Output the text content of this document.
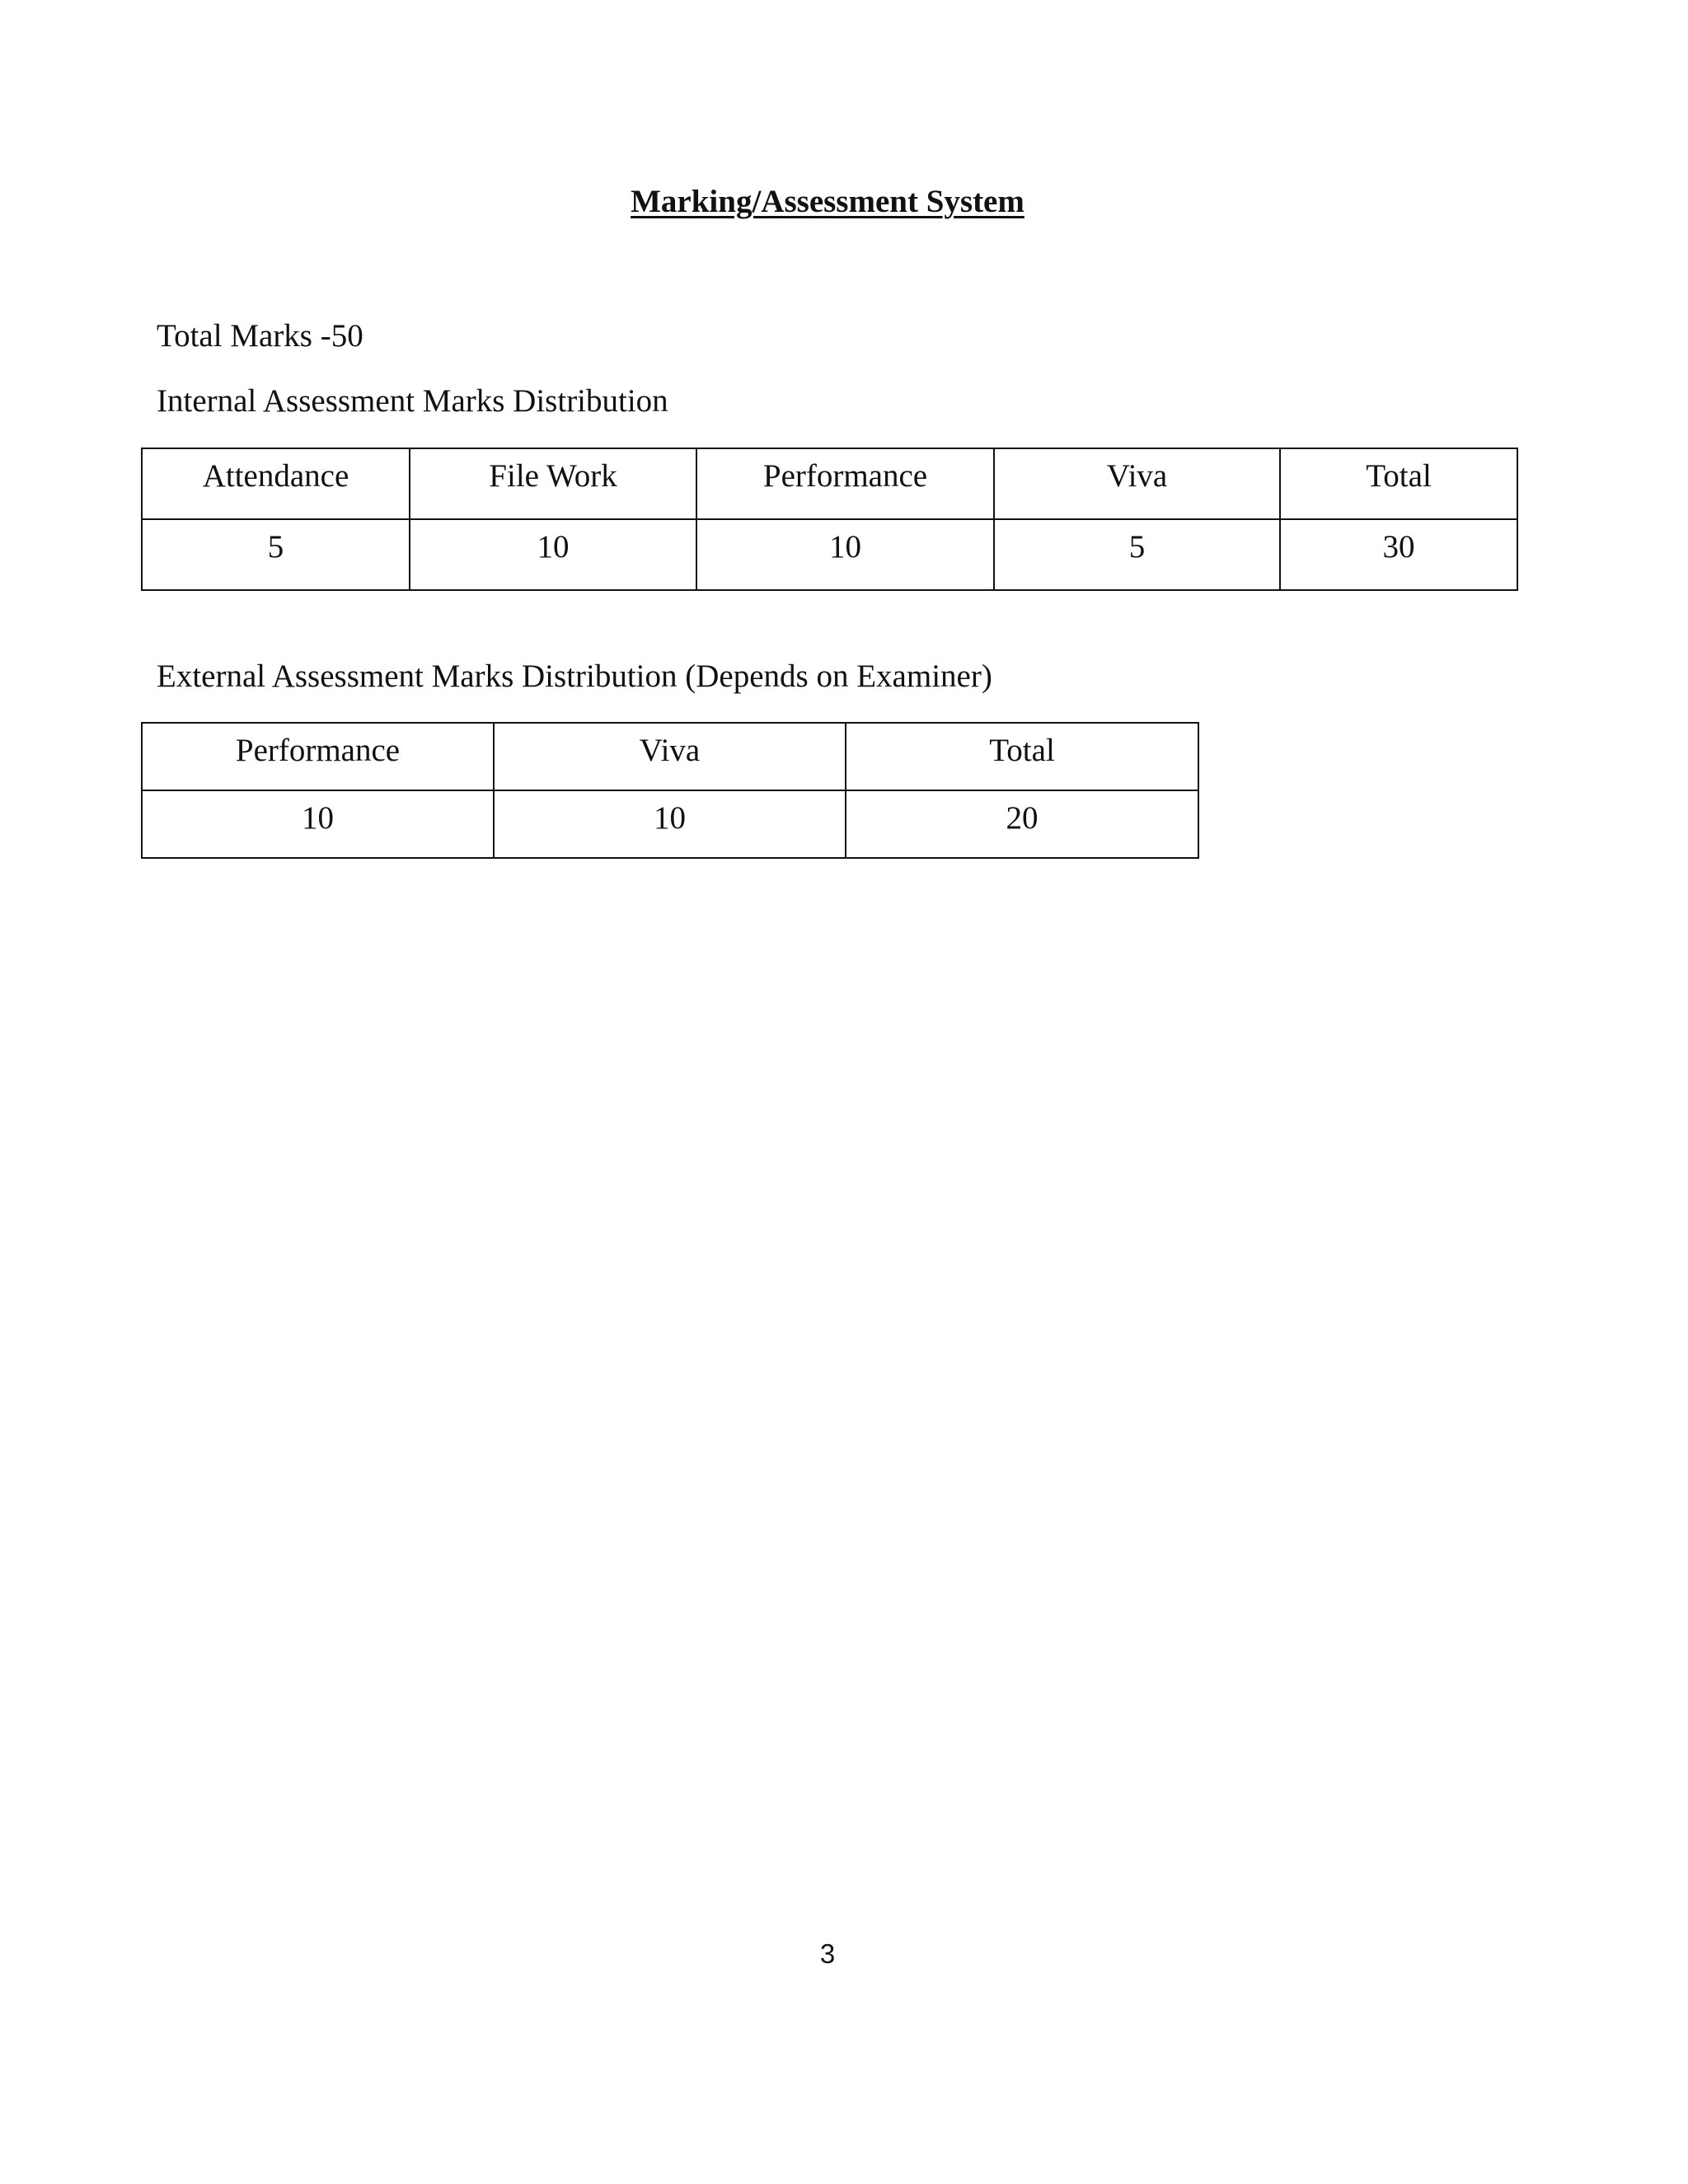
Marking/Assessment System
Total Marks -50
Internal Assessment Marks Distribution
Attendance	File Work	Performance	Viva	Total
5	10	10	5	30
External Assessment Marks Distribution (Depends on Examiner)
Performance	Viva	Total
10	10	20
3
